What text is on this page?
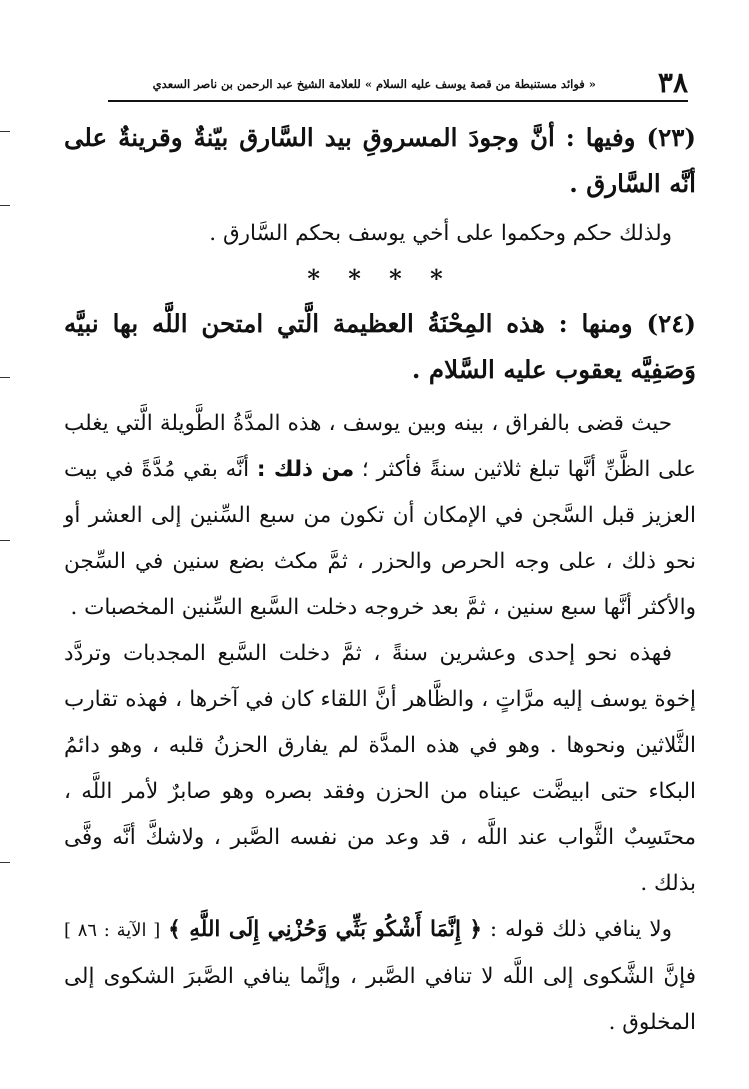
٣٨
« فوائد مستنبطة من قصة يوسف عليه السلام » للعلامة الشيخ عبد الرحمن بن ناصر السعدي

(٢٣) وفيها : أنَّ وجودَ المسروقِ بيد السَّارق بيّنةٌ وقرينةٌ على أنَّه السَّارق .

ولذلك حكم وحكموا على أخي يوسف بحكم السَّارق .

* * * *

(٢٤) ومنها : هذه المِحْنَةُ العظيمة الَّتي امتحن اللَّه بها نبيَّه وَصَفِيَّه يعقوب عليه السَّلام .

حيث قضى بالفراق ، بينه وبين يوسف ، هذه المدَّةُ الطَّويلة الَّتي يغلب على الظَّنِّ أنَّها تبلغ ثلاثين سنةً فأكثر ؛ من ذلك : أنَّه بقي مُدَّةً في بيت العزيز قبل السَّجن في الإمكان أن تكون من سبع السِّنين إلى العشر أو نحو ذلك ، على وجه الحرص والحزر ، ثمَّ مكث بضع سنين في السِّجن والأكثر أنَّها سبع سنين ، ثمَّ بعد خروجه دخلت السَّبع السِّنين المخصبات .

فهذه نحو إحدى وعشرين سنةً ، ثمَّ دخلت السَّبع المجدبات وتردَّد إخوة يوسف إليه مرَّاتٍ ، والظَّاهر أنَّ اللقاء كان في آخرها ، فهذه تقارب الثَّلاثين ونحوها . وهو في هذه المدَّة لم يفارق الحزنُ قلبه ، وهو دائمُ البكاء حتى ابيضَّت عيناه من الحزن وفقد بصره وهو صابرٌ لأمر اللَّه ، محتَسِبٌ الثَّواب عند اللَّه ، قد وعد من نفسه الصَّبر ، ولاشكَّ أنَّه وفَّى بذلك .

ولا ينافي ذلك قوله : ﴿ إِنَّمَا أَشْكُو بَثِّي وَحُزْنِي إِلَى اللَّهِ ﴾ [ الآية : ٨٦ ] فإنَّ الشَّكوى إلى اللَّه لا تنافي الصَّبر ، وإنَّما ينافي الصَّبرَ الشكوى إلى المخلوق .
